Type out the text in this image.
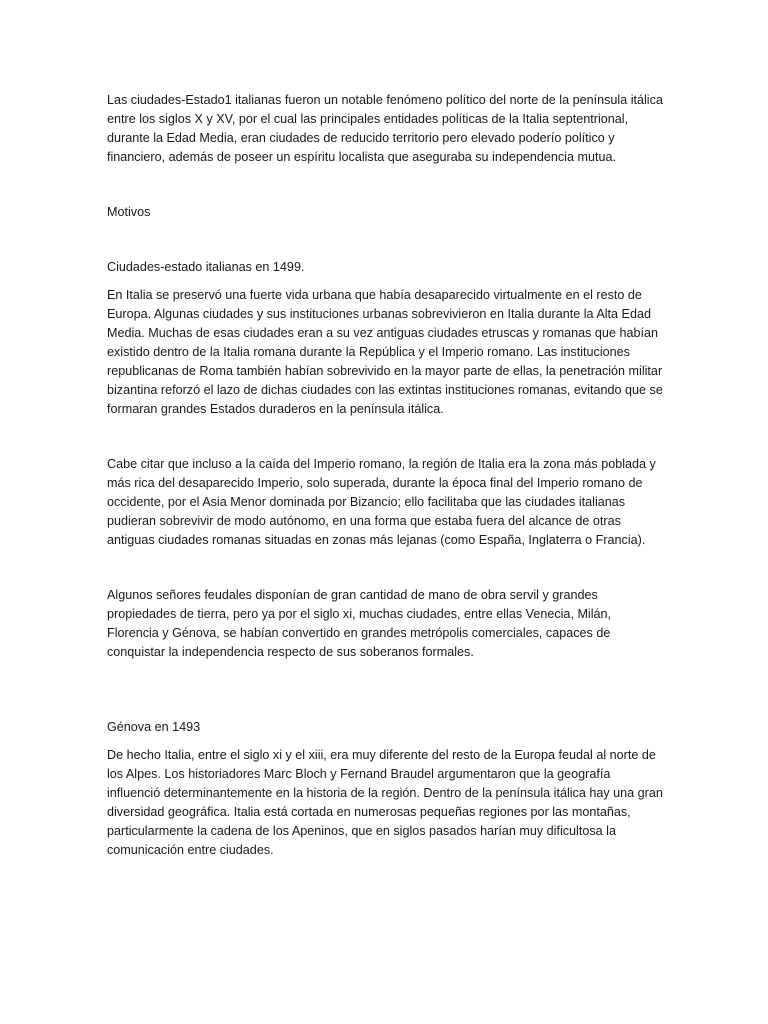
Las ciudades-Estado1 italianas fueron un notable fenómeno político del norte de la península itálica entre los siglos X y XV, por el cual las principales entidades políticas de la Italia septentrional, durante la Edad Media, eran ciudades de reducido territorio pero elevado poderío político y financiero, además de poseer un espíritu localista que aseguraba su independencia mutua.

Motivos

Ciudades-estado italianas en 1499.

En Italia se preservó una fuerte vida urbana que había desaparecido virtualmente en el resto de Europa. Algunas ciudades y sus instituciones urbanas sobrevivieron en Italia durante la Alta Edad Media. Muchas de esas ciudades eran a su vez antiguas ciudades etruscas y romanas que habían existido dentro de la Italia romana durante la República y el Imperio romano. Las instituciones republicanas de Roma también habían sobrevivido en la mayor parte de ellas, la penetración militar bizantina reforzó el lazo de dichas ciudades con las extintas instituciones romanas, evitando que se formaran grandes Estados duraderos en la península itálica.

Cabe citar que incluso a la caída del Imperio romano, la región de Italia era la zona más poblada y más rica del desaparecido Imperio, solo superada, durante la época final del Imperio romano de occidente, por el Asia Menor dominada por Bizancio; ello facilitaba que las ciudades italianas pudieran sobrevivir de modo autónomo, en una forma que estaba fuera del alcance de otras antiguas ciudades romanas situadas en zonas más lejanas (como España, Inglaterra o Francia).

Algunos señores feudales disponían de gran cantidad de mano de obra servil y grandes propiedades de tierra, pero ya por el siglo xi, muchas ciudades, entre ellas Venecia, Milán, Florencia y Génova, se habían convertido en grandes metrópolis comerciales, capaces de conquistar la independencia respecto de sus soberanos formales.

Génova en 1493

De hecho Italia, entre el siglo xi y el xiii, era muy diferente del resto de la Europa feudal al norte de los Alpes. Los historiadores Marc Bloch y Fernand Braudel argumentaron que la geografía influenció determinantemente en la historia de la región. Dentro de la península itálica hay una gran diversidad geográfica. Italia está cortada en numerosas pequeñas regiones por las montañas, particularmente la cadena de los Apeninos, que en siglos pasados harían muy dificultosa la comunicación entre ciudades.
